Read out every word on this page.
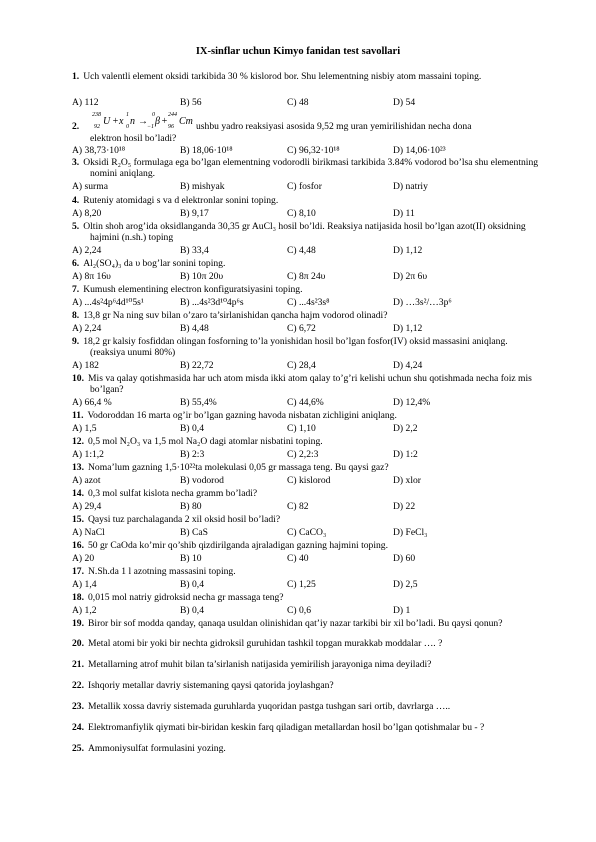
IX-sinflar uchun Kimyo fanidan test savollari
1. Uch valentli element oksidi tarkibida 30 % kislorod bor. Shu lelementning nisbiy atom massaini toping.
A) 112	B) 56	C) 48	D) 54
2.
238
92 U + x
1
0 n →
0
−1 β +
244
96 Cm ushbu yadro reaksiyasi asosida 9,52 mg uran yemirilishidan necha dona
elektron hosil bo’ladi?
A) 38,73·10¹⁸	B) 18,06·10¹⁸	C) 96,32·10¹⁸	D) 14,06·10²³
3. Oksidi R₂O₅ formulaga ega bo’lgan elementning vodorodli birikmasi tarkibida 3.84% vodorod bo’lsa shu elementning nomini aniqlang.
A) surma	B) mishyak	C) fosfor	D) natriy
4. Ruteniy atomidagi s va d elektronlar sonini toping.
A) 8,20	B) 9,17	C) 8,10	D) 11
5. Oltin shoh arog’ida oksidlanganda 30,35 gr AuCl₃ hosil bo’ldi. Reaksiya natijasida hosil bo’lgan azot(II) oksidning hajmini (n.sh.) toping
A) 2,24	B) 33,4	C) 4,48	D) 1,12
6. Al₂(SO₄)₃ da υ bog’lar sonini toping.
A) 8π 16υ	B) 10π 20υ	C) 8π 24υ	D) 2π 6υ
7. Kumush elementining electron konfiguratsiyasini toping.
A) ...4s²4p⁶4d¹⁰5s¹	B) ...4s²3d¹⁰4p⁶s	C) ...4s²3s⁸	D) …3s²/…3p⁶
8. 13,8 gr Na ning suv bilan o’zaro ta’sirlanishidan qancha hajm vodorod olinadi?
A) 2,24	B) 4,48	C) 6,72	D) 1,12
9. 18,2 gr kalsiy fosfiddan olingan fosforning to’la yonishidan hosil bo’lgan fosfor(IV) oksid massasini aniqlang. (reaksiya unumi 80%)
A) 182	B) 22,72	C) 28,4	D) 4,24
10. Mis va qalay qotishmasida har uch atom misda ikki atom qalay to’g’ri kelishi uchun shu qotishmada necha foiz mis bo’lgan?
A) 66,4 %	B) 55,4%	C) 44,6%	D) 12,4%
11. Vodoroddan 16 marta og’ir bo’lgan gazning havoda nisbatan zichligini aniqlang.
A) 1,5	B) 0,4	C) 1,10	D) 2,2
12. 0,5 mol N₂O₃ va 1,5 mol Na₂O dagi atomlar nisbatini toping.
A) 1:1,2	B) 2:3	C) 2,2:3	D) 1:2
13. Noma’lum gazning 1,5·10²²ta molekulasi 0,05 gr massaga teng. Bu qaysi gaz?
A) azot	B) vodorod	C) kislorod	D) xlor
14. 0,3 mol sulfat kislota necha gramm bo’ladi?
A) 29,4	B) 80	C) 82	D) 22
15. Qaysi tuz parchalaganda 2 xil oksid hosil bo’ladi?
A) NaCl	B) CaS	C) CaCO₃	D) FeCl₃
16. 50 gr CaOda ko’mir qo’shib qizdirilganda ajraladigan gazning hajmini toping.
A) 20	B) 10	C) 40	D) 60
17. N.Sh.da 1 l azotning massasini toping.
A) 1,4	B) 0,4	C) 1,25	D) 2,5
18. 0,015 mol natriy gidroksid necha gr massaga teng?
A) 1,2	B) 0,4	C) 0,6	D) 1
19. Biror bir sof modda qanday, qanaqa usuldan olinishidan qat’iy nazar tarkibi bir xil bo’ladi. Bu qaysi qonun?
20. Metal atomi bir yoki bir nechta gidroksil guruhidan tashkil topgan murakkab moddalar …. ?
21. Metallarning atrof muhit bilan ta’sirlanish natijasida yemirilish jarayoniga nima deyiladi?
22. Ishqoriy metallar davriy sistemaning qaysi qatorida joylashgan?
23. Metallik xossa davriy sistemada guruhlarda yuqoridan pastga tushgan sari ortib, davrlarga …..
24. Elektromanfiylik qiymati bir-biridan keskin farq qiladigan metallardan hosil bo’lgan qotishmalar bu - ?
25. Ammoniysulfat formulasini yozing.
